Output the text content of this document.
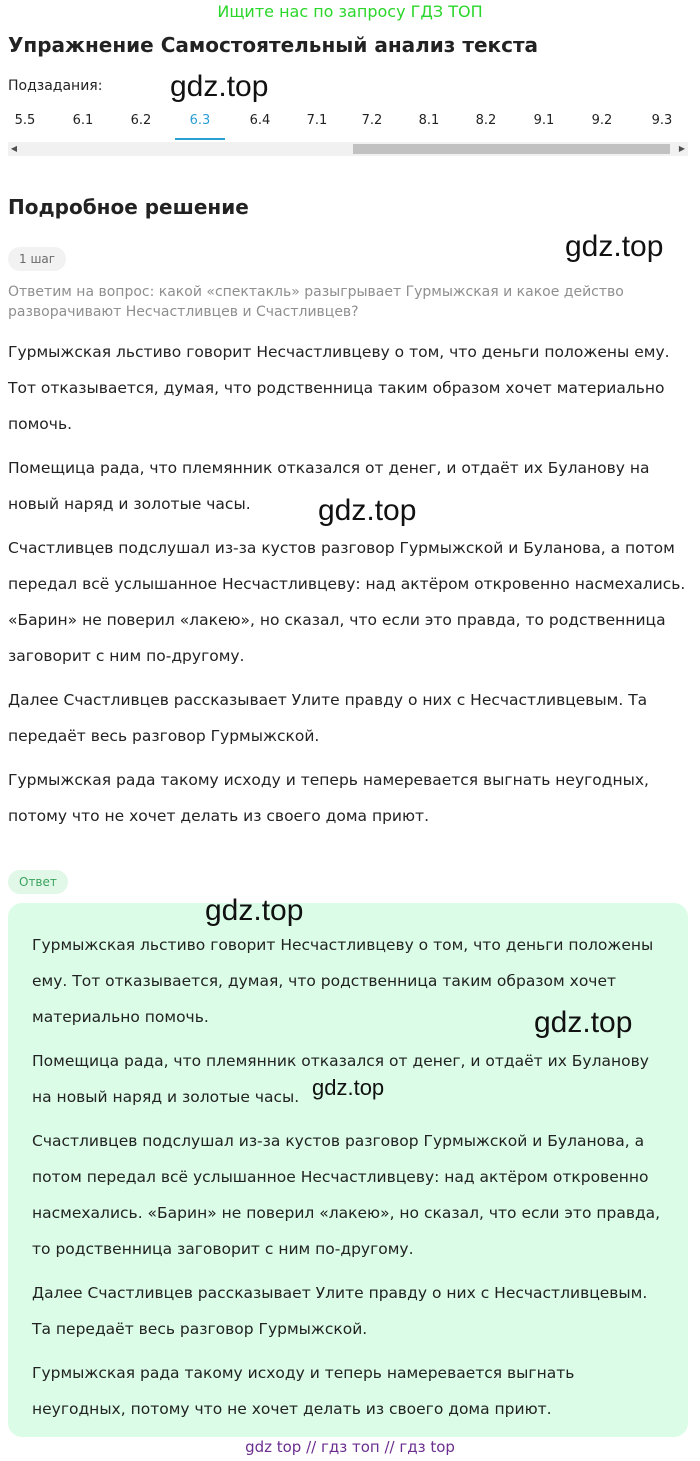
Ищите нас по запросу ГДЗ ТОП
Упражнение Самостоятельный анализ текста
Подзадания:
5.5	6.1	6.2	6.3	6.4	7.1	7.2	8.1	8.2	9.1	9.2	9.3
◀	▶
Подробное решение
1 шаг

Ответим на вопрос: какой «спектакль» разыгрывает Гурмыжская и какое действо разворачивают Несчастливцев и Счастливцев?

Гурмыжская льстиво говорит Несчастливцеву о том, что деньги положены ему. Тот отказывается, думая, что родственница таким образом хочет материально помочь.

Помещица рада, что племянник отказался от денег, и отдаёт их Буланову на новый наряд и золотые часы.

Счастливцев подслушал из-за кустов разговор Гурмыжской и Буланова, а потом передал всё услышанное Несчастливцеву: над актёром откровенно насмехались. «Барин» не поверил «лакею», но сказал, что если это правда, то родственница заговорит с ним по-другому.

Далее Счастливцев рассказывает Улите правду о них с Несчастливцевым. Та передаёт весь разговор Гурмыжской.

Гурмыжская рада такому исходу и теперь намеревается выгнать неугодных, потому что не хочет делать из своего дома приют.

Ответ

Гурмыжская льстиво говорит Несчастливцеву о том, что деньги положены ему. Тот отказывается, думая, что родственница таким образом хочет материально помочь.

Помещица рада, что племянник отказался от денег, и отдаёт их Буланову на новый наряд и золотые часы.

Счастливцев подслушал из-за кустов разговор Гурмыжской и Буланова, а потом передал всё услышанное Несчастливцеву: над актёром откровенно насмехались. «Барин» не поверил «лакею», но сказал, что если это правда, то родственница заговорит с ним по-другому.

Далее Счастливцев рассказывает Улите правду о них с Несчастливцевым. Та передаёт весь разговор Гурмыжской.

Гурмыжская рада такому исходу и теперь намеревается выгнать неугодных, потому что не хочет делать из своего дома приют.

gdz.top
gdz.top
gdz.top
gdz.top
gdz.top
gdz.top
gdz top // гдз топ // гдз top
